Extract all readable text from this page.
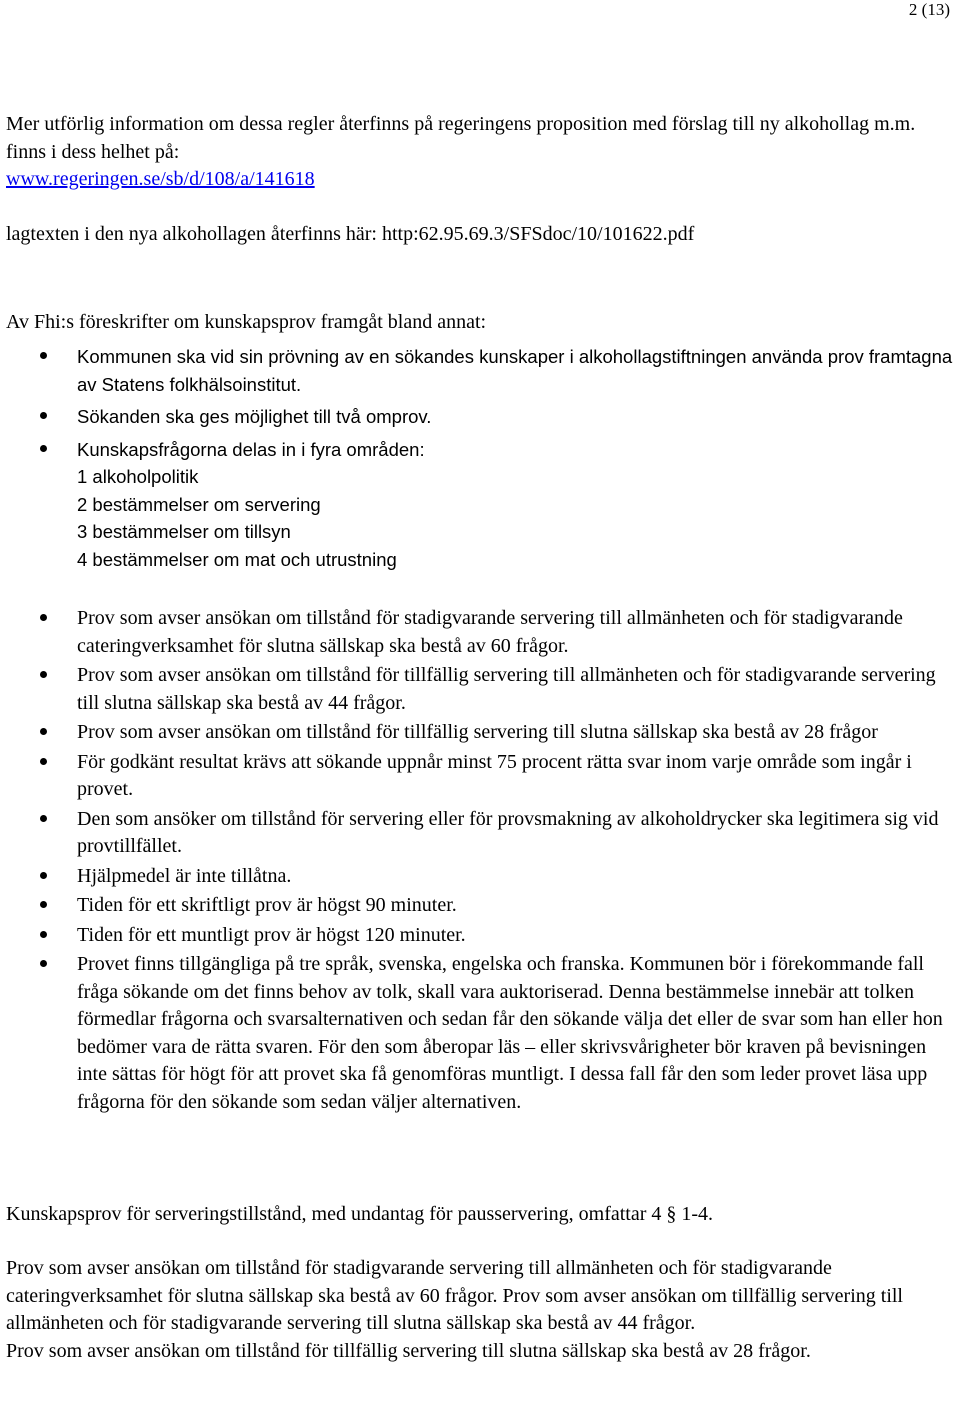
2 (13)

Mer utförlig information om dessa regler återfinns på regeringens proposition med förslag till ny alkohollag m.m. finns i dess helhet på:

www.regeringen.se/sb/d/108/a/141618

lagtexten i den nya alkohollagen återfinns här: http:62.95.69.3/SFSdoc/10/101622.pdf

Av Fhi:s föreskrifter om kunskapsprov framgåt bland annat:

Kommunen ska vid sin prövning av en sökandes kunskaper i alkohollagstiftningen använda prov framtagna av Statens folkhälsoinstitut.
Sökanden ska ges möjlighet till två omprov.
Kunskapsfrågorna delas in i fyra områden:
1 alkoholpolitik
2 bestämmelser om servering
3 bestämmelser om tillsyn
4 bestämmelser om mat och utrustning
Prov som avser ansökan om tillstånd för stadigvarande servering till allmänheten och för stadigvarande cateringverksamhet för slutna sällskap ska bestå av 60 frågor.
Prov som avser ansökan om tillstånd för tillfällig servering till allmänheten och för stadigvarande servering till slutna sällskap ska bestå av 44 frågor.
Prov som avser ansökan om tillstånd för tillfällig servering till slutna sällskap ska bestå av 28 frågor
För godkänt resultat krävs att sökande uppnår minst 75 procent rätta svar inom varje område som ingår i provet.
Den som ansöker om tillstånd för servering eller för provsmakning av alkoholdrycker ska legitimera sig vid provtillfället.
Hjälpmedel är inte tillåtna.
Tiden för ett skriftligt prov är högst 90 minuter.
Tiden för ett muntligt prov är högst 120 minuter.
Provet finns tillgängliga på tre språk, svenska, engelska och franska. Kommunen bör i förekommande fall fråga sökande om det finns behov av tolk, skall vara auktoriserad. Denna bestämmelse innebär att tolken förmedlar frågorna och svarsalternativen och sedan får den sökande välja det eller de svar som han eller hon bedömer vara de rätta svaren. För den som åberopar läs – eller skrivsvårigheter bör kraven på bevisningen inte sättas för högt för att provet ska få genomföras muntligt. I dessa fall får den som leder provet läsa upp frågorna för den sökande som sedan väljer alternativen.

Kunskapsprov för serveringstillstånd, med undantag för pausservering, omfattar 4 § 1-4.

Prov som avser ansökan om tillstånd för stadigvarande servering till allmänheten och för stadigvarande cateringverksamhet för slutna sällskap ska bestå av 60 frågor. Prov som avser ansökan om tillfällig servering till allmänheten och för stadigvarande servering till slutna sällskap ska bestå av 44 frågor.

Prov som avser ansökan om tillstånd för tillfällig servering till slutna sällskap ska bestå av 28 frågor.
